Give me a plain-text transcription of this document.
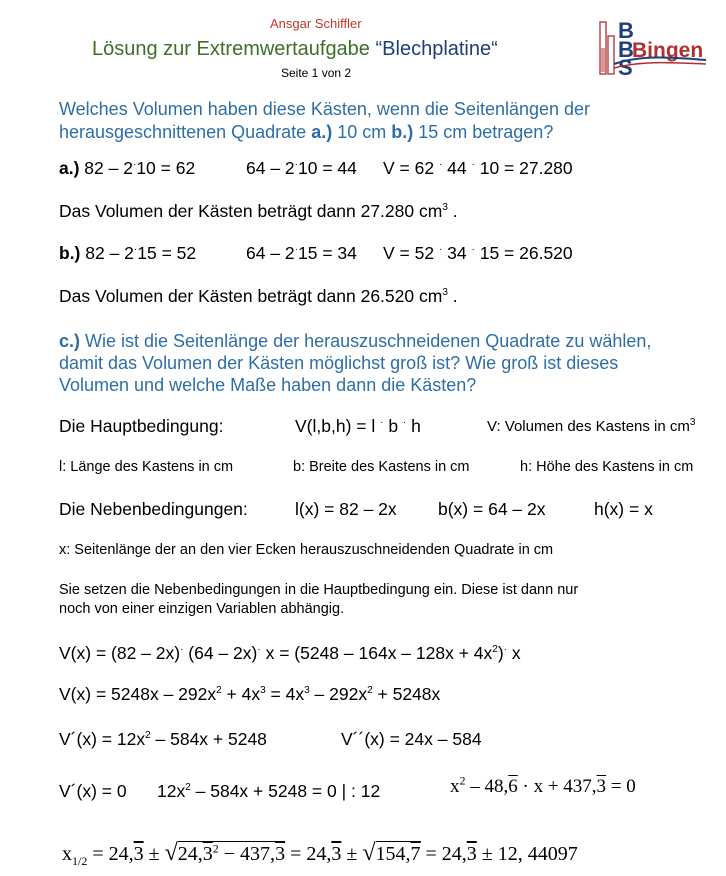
Ansgar Schiffler
Lösung zur Extremwertaufgabe “Blechplatine“
Seite 1 von 2
B
B
S
Bingen
Welches Volumen haben diese Kästen, wenn die Seitenlängen der
herausgeschnittenen Quadrate a.) 10 cm b.) 15 cm betragen?
a.) 82 – 2·10 = 62	64 – 2·10 = 44 V = 62 · 44 · 10 = 27.280
Das Volumen der Kästen beträgt dann 27.280 $cm^3$ .
b.) 82 – 2·15 = 52	64 – 2·15 = 34 V = 52 · 34 · 15 = 26.520
Das Volumen der Kästen beträgt dann 26.520 $cm^3$ .
c.) Wie ist die Seitenlänge der herauszuschneidenen Quadrate zu wählen,
damit das Volumen der Kästen möglichst groß ist? Wie groß ist dieses
Volumen und welche Maße haben dann die Kästen?
Die Hauptbedingung:	V(l,b,h) = l · b · h	V: Volumen des Kastens in $cm^3$
l: Länge des Kastens in cm	b: Breite des Kastens in cm	h: Höhe des Kastens in cm
Die Nebenbedingungen:	l(x) = 82 – 2x b(x) = 64 – 2x	h(x) = x
x: Seitenlänge der an den vier Ecken herauszuschneidenden Quadrate in cm
Sie setzen die Nebenbedingungen in die Hauptbedingung ein. Diese ist dann nur
noch von einer einzigen Variablen abhängig.
V(x) = (82 – 2x)· (64 – 2x)· $x = (5248 - 164x - 128x + 4x^2)^\cdot$ x
$V(x) = 5248x - 292x^2 + 4x^3 = 4x^3 - 292x^2 + 5248x$
V´(x) = $12x^2 - 584x + 5248$	V´´(x) = 24x – 584
V´(x) = 0 $12x^2 - 584x + 5248 = 0$ | : 12	$x^2 - 48,6 \cdot x + 437,3 = 0$
$x_{1/2} = 24,3 \pm √24,3^2 - 437,3 = 24,3 \pm √154,7 = 24,3 \pm 12$, 44097
